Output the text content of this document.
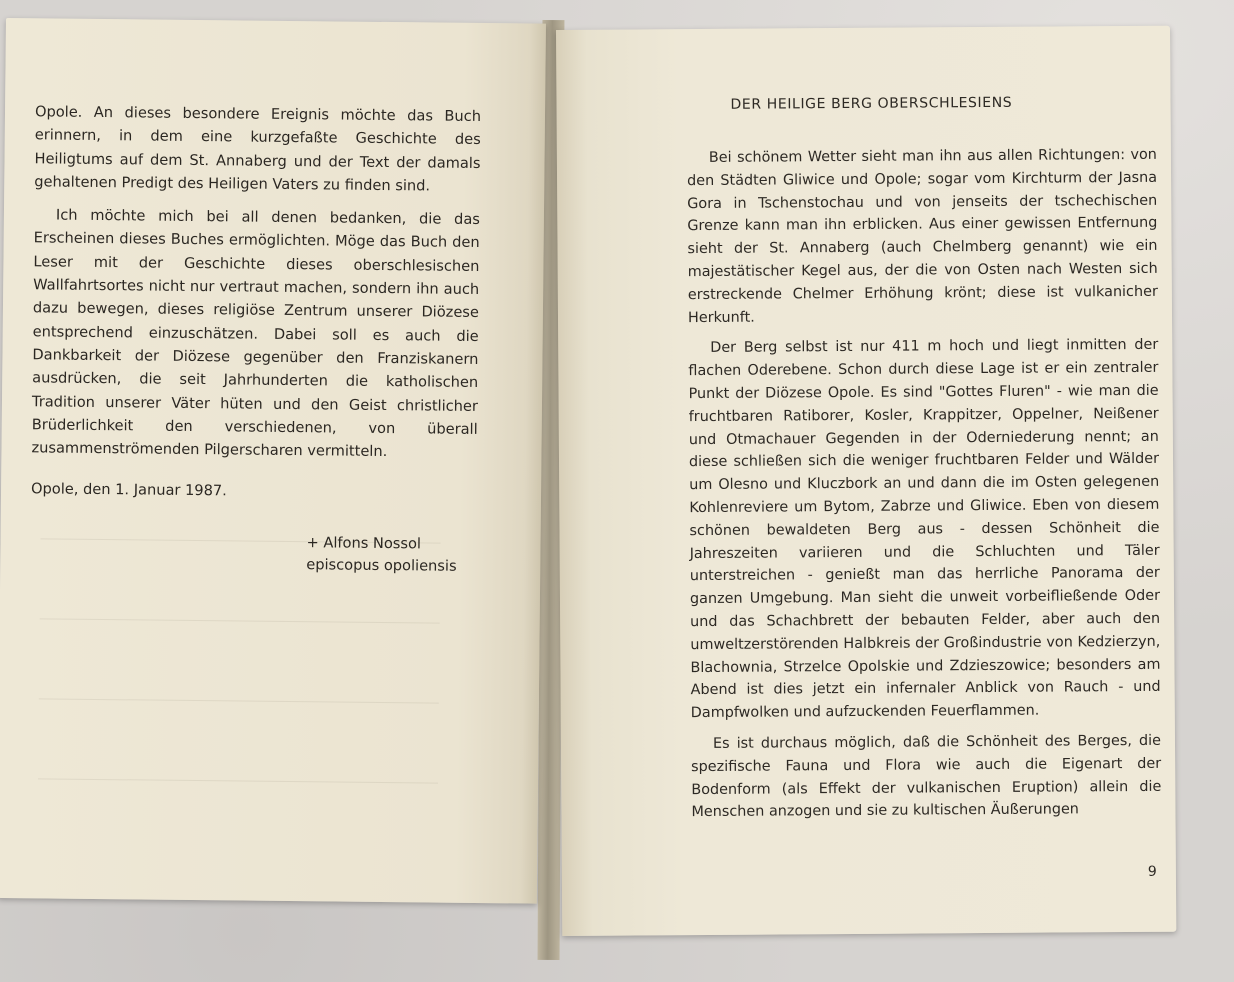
Opole. An dieses besondere Ereignis möchte das Buch erinnern, in dem eine kurzgefaßte Geschichte des Heiligtums auf dem St. Annaberg und der Text der damals gehaltenen Predigt des Heiligen Vaters zu finden sind.

Ich möchte mich bei all denen bedanken, die das Erscheinen dieses Buches ermöglichten. Möge das Buch den Leser mit der Geschichte dieses oberschlesischen Wallfahrtsortes nicht nur vertraut machen, sondern ihn auch dazu bewegen, dieses religiöse Zentrum unserer Diözese entsprechend einzuschätzen. Dabei soll es auch die Dankbarkeit der Diözese gegenüber den Franziskanern ausdrücken, die seit Jahrhunderten die katholischen Tradition unserer Väter hüten und den Geist christlicher Brüderlichkeit den verschiedenen, von überall zusammenströmenden Pilgerscharen vermitteln.

Opole, den 1. Januar 1987.
+ Alfons Nossol
episcopus opoliensis
DER HEILIGE BERG OBERSCHLESIENS

Bei schönem Wetter sieht man ihn aus allen Richtungen: von den Städten Gliwice und Opole; sogar vom Kirchturm der Jasna Gora in Tschenstochau und von jenseits der tschechischen Grenze kann man ihn erblicken. Aus einer gewissen Entfernung sieht der St. Annaberg (auch Chelmberg genannt) wie ein majestätischer Kegel aus, der die von Osten nach Westen sich erstreckende Chelmer Erhöhung krönt; diese ist vulkanicher Herkunft.

Der Berg selbst ist nur 411 m hoch und liegt inmitten der flachen Oderebene. Schon durch diese Lage ist er ein zentraler Punkt der Diözese Opole. Es sind "Gottes Fluren" - wie man die fruchtbaren Ratiborer, Kosler, Krappitzer, Oppelner, Neißener und Otmachauer Gegenden in der Oderniederung nennt; an diese schließen sich die weniger fruchtbaren Felder und Wälder um Olesno und Kluczbork an und dann die im Osten gelegenen Kohlenreviere um Bytom, Zabrze und Gliwice. Eben von diesem schönen bewaldeten Berg aus - dessen Schönheit die Jahreszeiten variieren und die Schluchten und Täler unterstreichen - genießt man das herrliche Panorama der ganzen Umgebung. Man sieht die unweit vorbeifließende Oder und das Schachbrett der bebauten Felder, aber auch den umweltzerstörenden Halbkreis der Großindustrie von Kedzierzyn, Blachownia, Strzelce Opolskie und Zdzieszowice; besonders am Abend ist dies jetzt ein infernaler Anblick von Rauch - und Dampfwolken und aufzuckenden Feuerflammen.

Es ist durchaus möglich, daß die Schönheit des Berges, die spezifische Fauna und Flora wie auch die Eigenart der Bodenform (als Effekt der vulkanischen Eruption) allein die Menschen anzogen und sie zu kultischen Äußerungen

9
